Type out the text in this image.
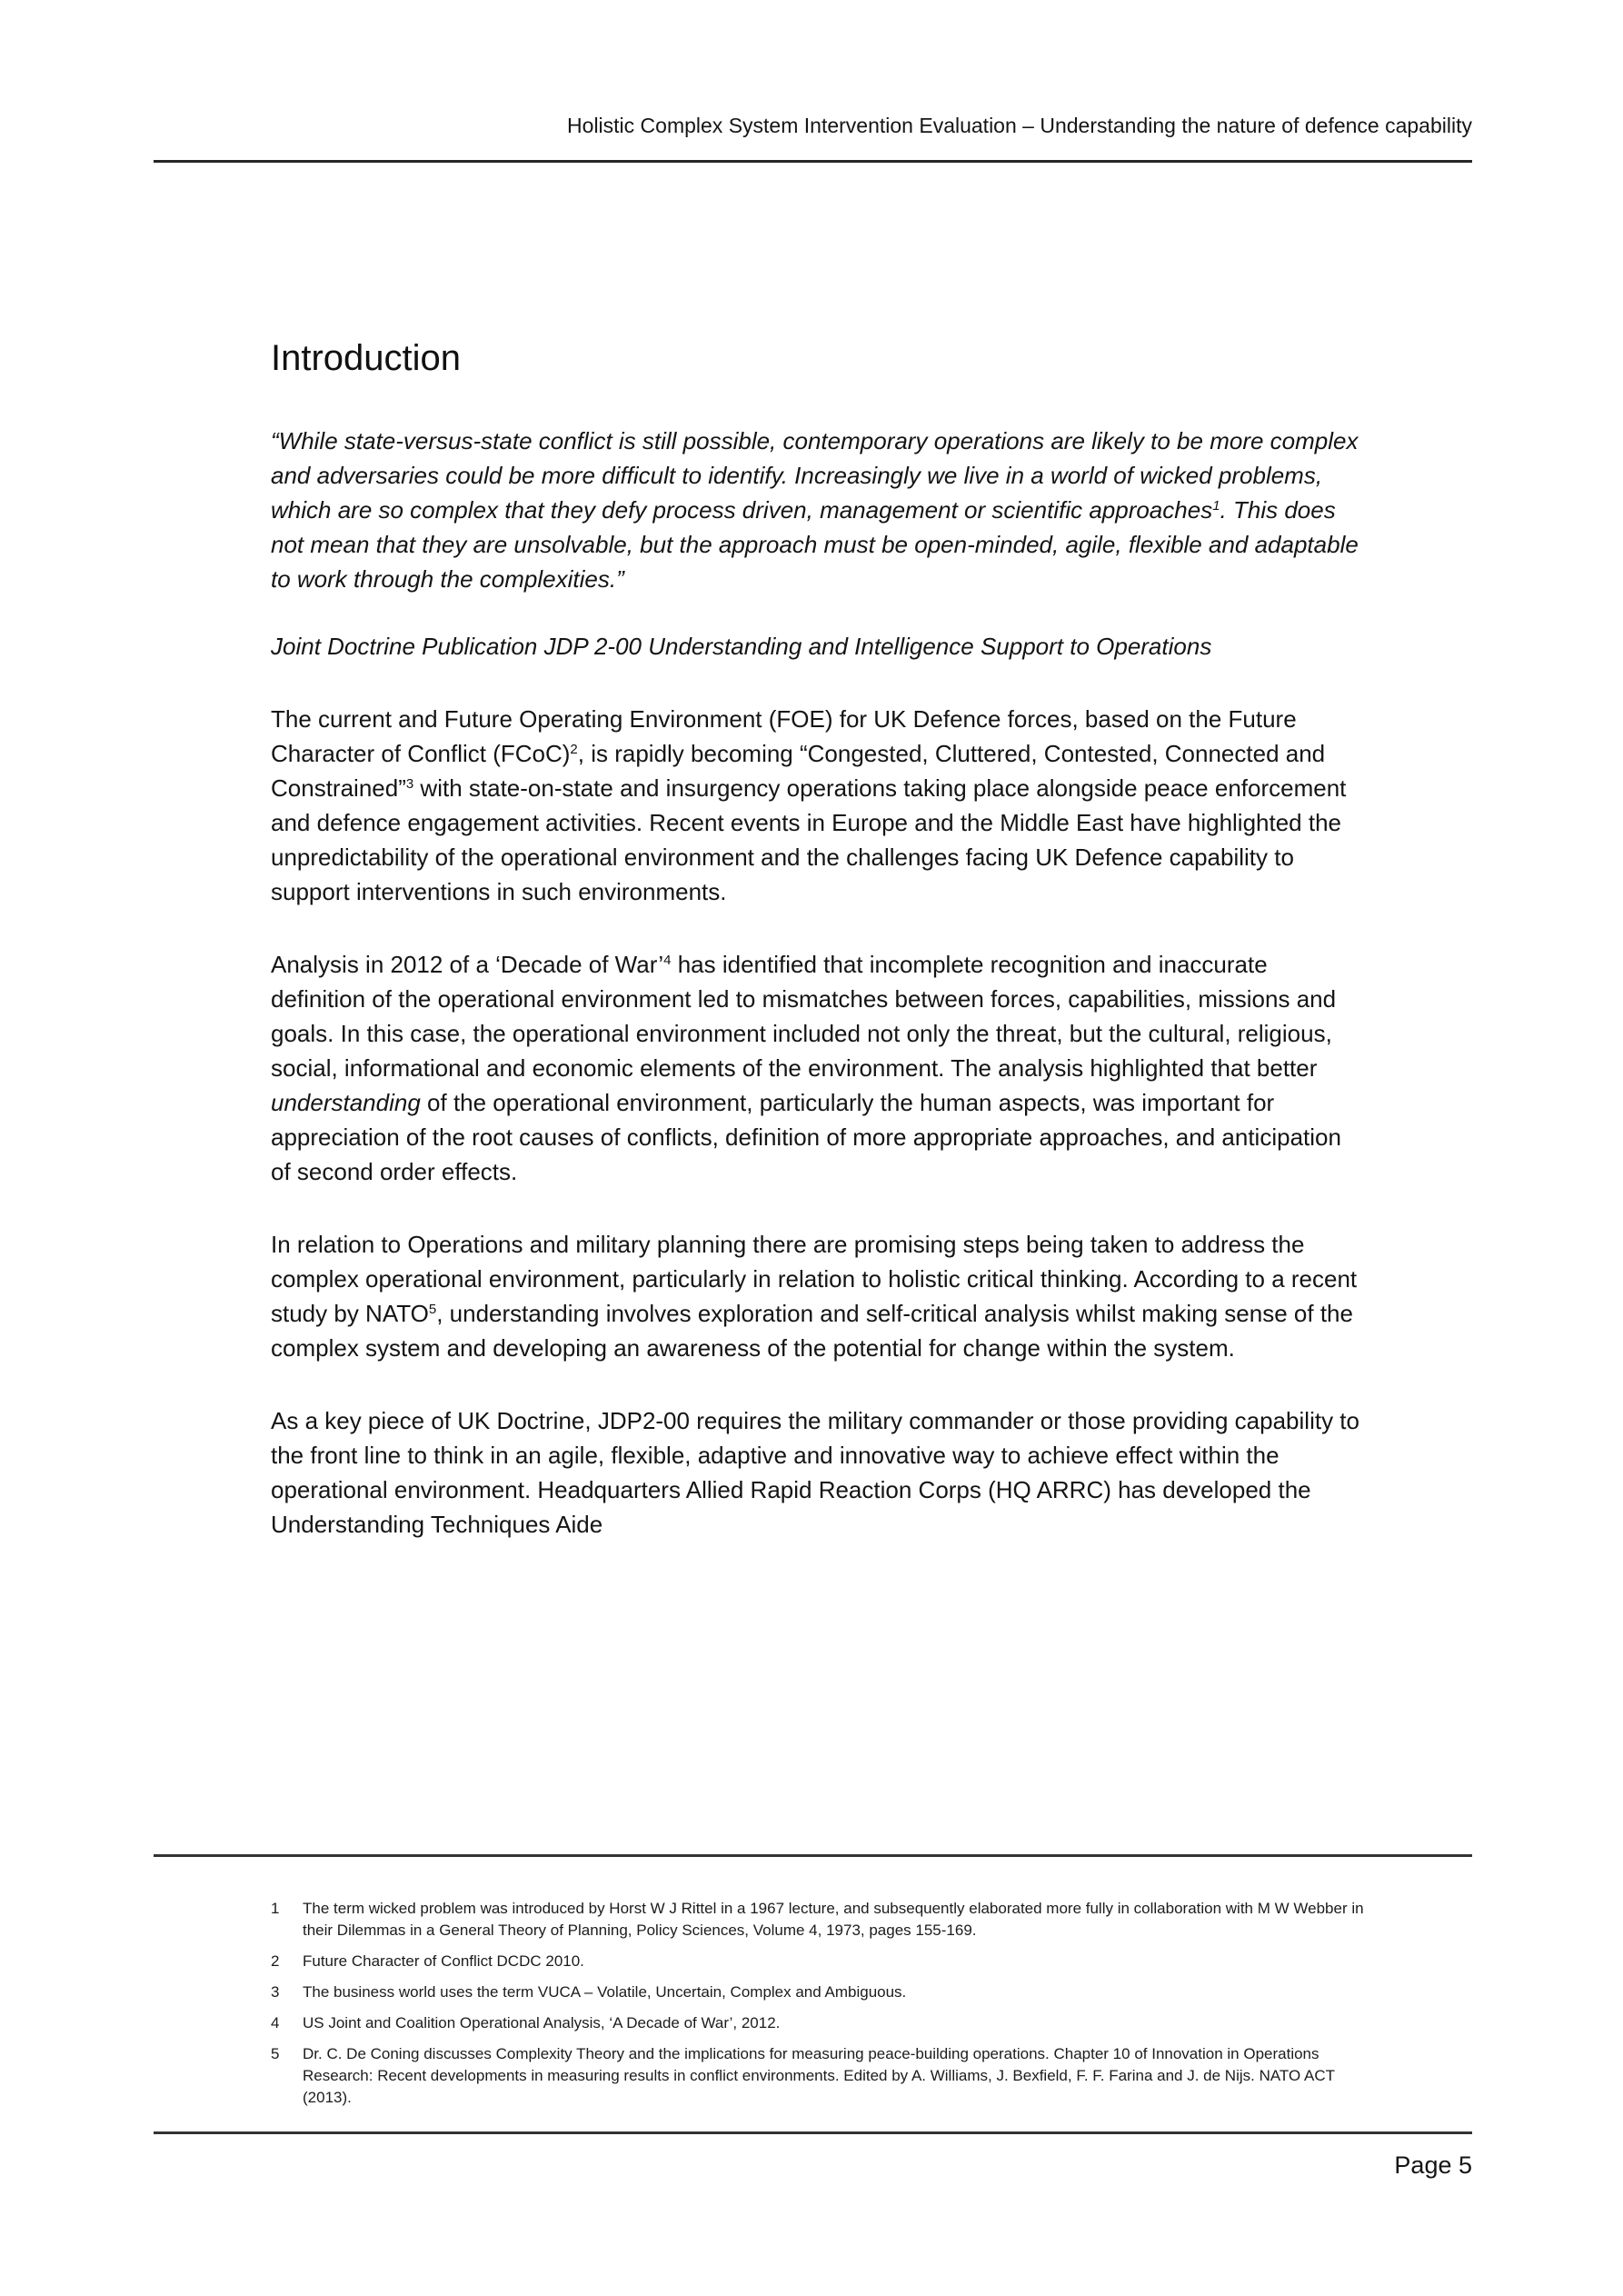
Holistic Complex System Intervention Evaluation – Understanding the nature of defence capability
Introduction

“While state-versus-state conflict is still possible, contemporary operations are likely to be more complex and adversaries could be more difficult to identify. Increasingly we live in a world of wicked problems, which are so complex that they defy process driven, management or scientific approaches$^1$. This does not mean that they are unsolvable, but the approach must be open-minded, agile, flexible and adaptable to work through the complexities.”

Joint Doctrine Publication JDP 2-00 Understanding and Intelligence Support to Operations

The current and Future Operating Environment (FOE) for UK Defence forces, based on the Future Character of Conflict (FCoC)$^2$, is rapidly becoming “Congested, Cluttered, Contested, Connected and Constrained”$^3$ with state-on-state and insurgency operations taking place alongside peace enforcement and defence engagement activities. Recent events in Europe and the Middle East have highlighted the unpredictability of the operational environment and the challenges facing UK Defence capability to support interventions in such environments.

Analysis in 2012 of a ‘Decade of War’$^4$ has identified that incomplete recognition and inaccurate definition of the operational environment led to mismatches between forces, capabilities, missions and goals. In this case, the operational environment included not only the threat, but the cultural, religious, social, informational and economic elements of the environment. The analysis highlighted that better understanding of the operational environment, particularly the human aspects, was important for appreciation of the root causes of conflicts, definition of more appropriate approaches, and anticipation of second order effects.

In relation to Operations and military planning there are promising steps being taken to address the complex operational environment, particularly in relation to holistic critical thinking. According to a recent study by NATO$^5$, understanding involves exploration and self-critical analysis whilst making sense of the complex system and developing an awareness of the potential for change within the system.

As a key piece of UK Doctrine, JDP2-00 requires the military commander or those providing capability to the front line to think in an agile, flexible, adaptive and innovative way to achieve effect within the operational environment. Headquarters Allied Rapid Reaction Corps (HQ ARRC) has developed the Understanding Techniques Aide

1	The term wicked problem was introduced by Horst W J Rittel in a 1967 lecture, and subsequently elaborated more fully in collaboration with M W Webber in their Dilemmas in a General Theory of Planning, Policy Sciences, Volume 4, 1973, pages 155-169.
2	Future Character of Conflict DCDC 2010.
3	The business world uses the term VUCA – Volatile, Uncertain, Complex and Ambiguous.
4	US Joint and Coalition Operational Analysis, ‘A Decade of War’, 2012.
5	Dr. C. De Coning discusses Complexity Theory and the implications for measuring peace-building operations. Chapter 10 of Innovation in Operations Research: Recent developments in measuring results in conflict environments. Edited by A. Williams, J. Bexfield, F. F. Farina and J. de Nijs. NATO ACT (2013).
Page 5
